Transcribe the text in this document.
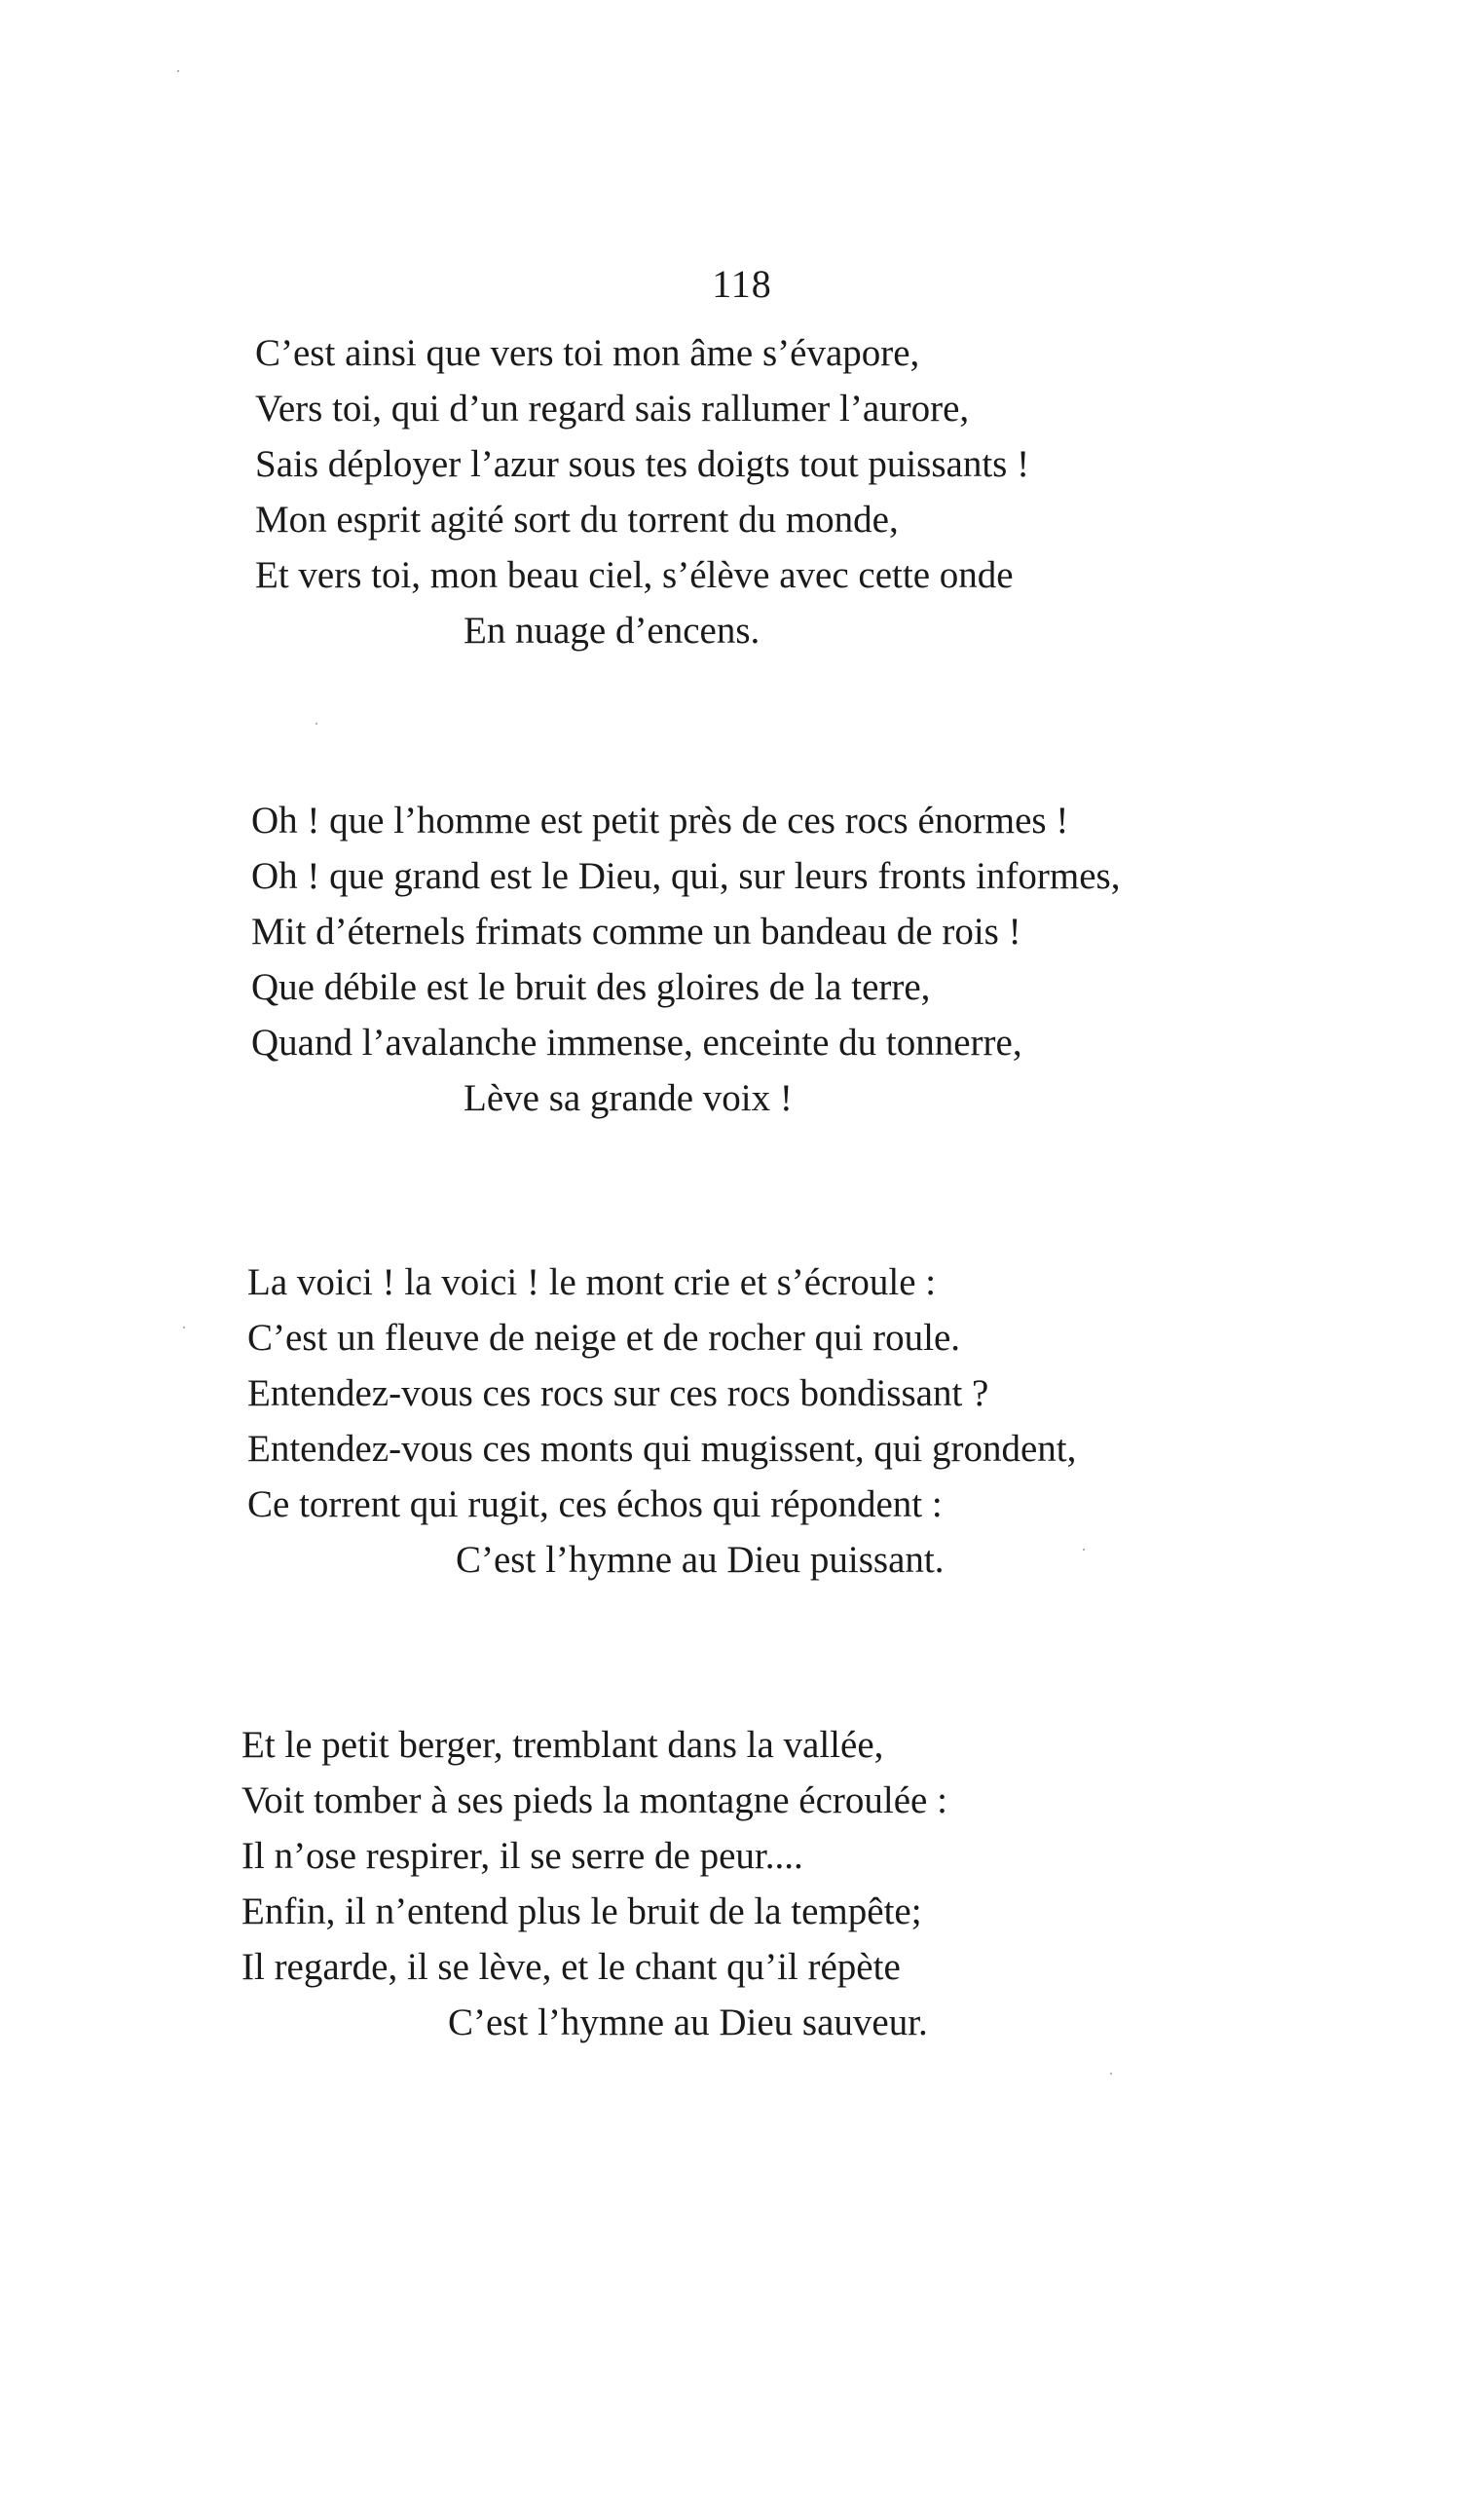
118
C’est ainsi que vers toi mon âme s’évapore,
Vers toi, qui d’un regard sais rallumer l’aurore,
Sais déployer l’azur sous tes doigts tout puissants !
Mon esprit agité sort du torrent du monde,
Et vers toi, mon beau ciel, s’élève avec cette onde
En nuage d’encens.
Oh ! que l’homme est petit près de ces rocs énormes !
Oh ! que grand est le Dieu, qui, sur leurs fronts informes,
Mit d’éternels frimats comme un bandeau de rois !
Que débile est le bruit des gloires de la terre,
Quand l’avalanche immense, enceinte du tonnerre,
Lève sa grande voix !
La voici ! la voici ! le mont crie et s’écroule :
C’est un fleuve de neige et de rocher qui roule.
Entendez-vous ces rocs sur ces rocs bondissant ?
Entendez-vous ces monts qui mugissent, qui grondent,
Ce torrent qui rugit, ces échos qui répondent :
C’est l’hymne au Dieu puissant.
Et le petit berger, tremblant dans la vallée,
Voit tomber à ses pieds la montagne écroulée :
Il n’ose respirer, il se serre de peur....
Enfin, il n’entend plus le bruit de la tempête;
Il regarde, il se lève, et le chant qu’il répète
C’est l’hymne au Dieu sauveur.
